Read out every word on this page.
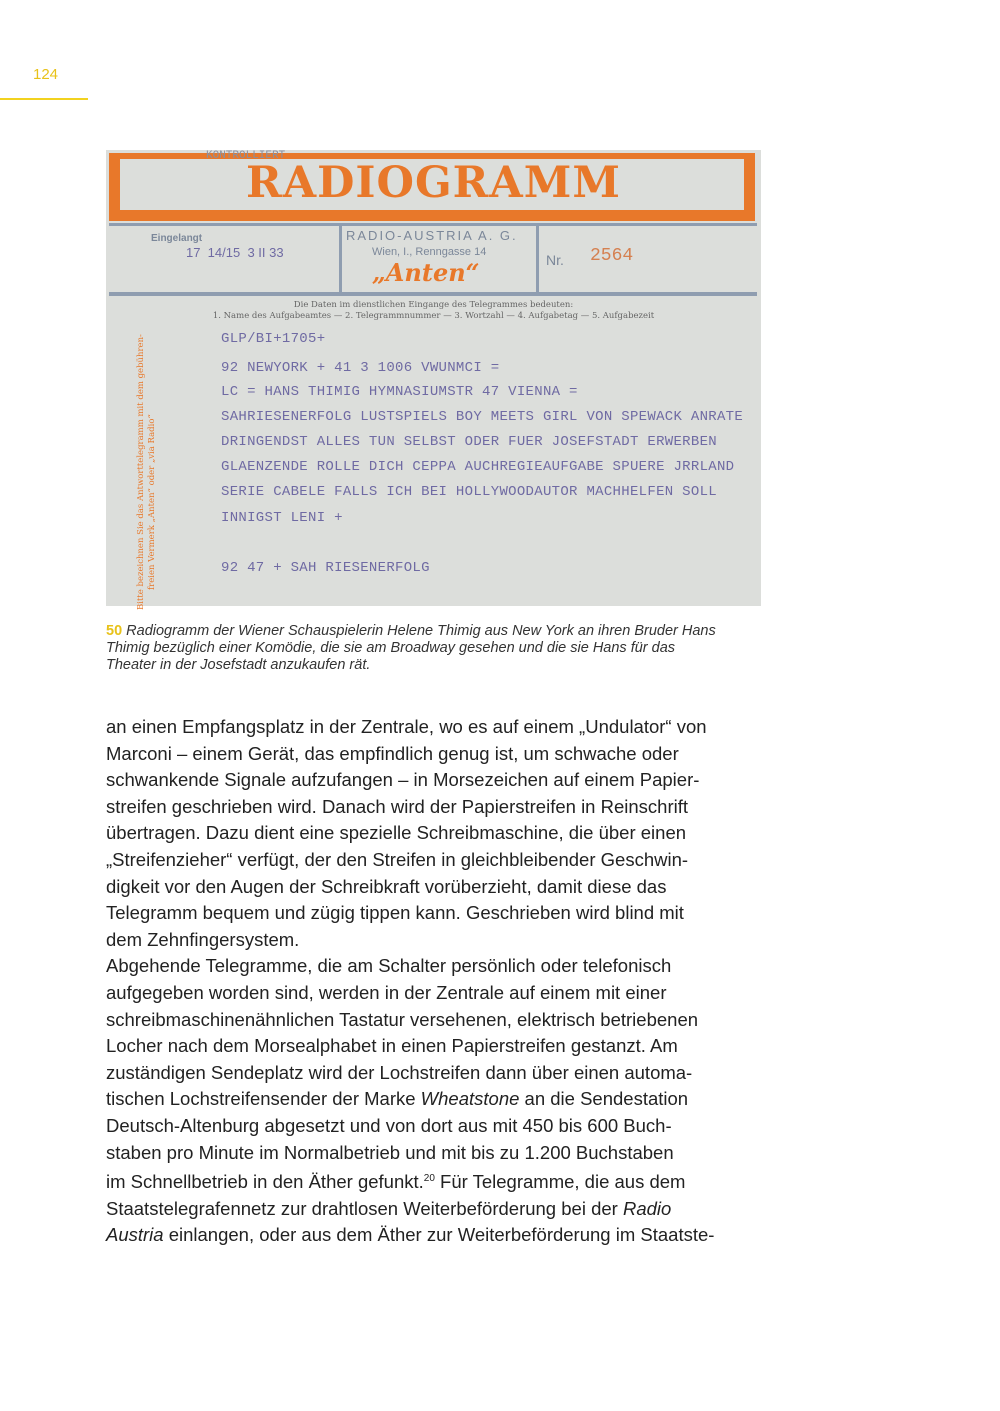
124
KONTROLLIERT
RADIOGRAMM
Eingelangt
17  14/15  3 II 33
RADIO-AUSTRIA A. G.
Wien, I., Renngasse 14
„Anten“	Nr. 2564
Die Daten im dienstlichen Eingange des Telegrammes bedeuten:
1. Name des Aufgabeamtes — 2. Telegrammnummer — 3. Wortzahl — 4. Aufgabetag — 5. Aufgabezeit
Bitte bezeichnen Sie das Antworttelegramm mit dem gebühren- freien Vermerk „Anten“ oder „via Radio“
GLP/BI+1705+
92 NEWYORK + 41 3 1006 VWUNMCI =
LC = HANS THIMIG HYMNASIUMSTR 47 VIENNA =
SAHRIESENERFOLG LUSTSPIELS BOY MEETS GIRL VON SPEWACK ANRATE
DRINGENDST ALLES TUN SELBST ODER FUER JOSEFSTADT ERWERBEN
GLAENZENDE ROLLE DICH CEPPA AUCHREGIEAUFGABE SPUERE JRRLAND
SERIE CABELE FALLS ICH BEI HOLLYWOODAUTOR MACHHELFEN SOLL
INNIGST LENI +
92 47 + SAH RIESENERFOLG
50 Radiogramm der Wiener Schauspielerin Helene Thimig aus New York an ihren Bruder Hans Thimig bezüglich einer Komödie, die sie am Broadway gesehen und die sie Hans für das Theater in der Josefstadt anzukaufen rät.
an einen Empfangsplatz in der Zentrale, wo es auf einem „Undulator“ von
Marconi – einem Gerät, das empfindlich genug ist, um schwache oder
schwankende Signale aufzufangen – in Morsezeichen auf einem Papier-
streifen geschrieben wird. Danach wird der Papierstreifen in Reinschrift
übertragen. Dazu dient eine spezielle Schreibmaschine, die über einen
„Streifenzieher“ verfügt, der den Streifen in gleichbleibender Geschwin-
digkeit vor den Augen der Schreibkraft vorüberzieht, damit diese das
Telegramm bequem und zügig tippen kann. Geschrieben wird blind mit
dem Zehnfingersystem.
Abgehende Telegramme, die am Schalter persönlich oder telefonisch
aufgegeben worden sind, werden in der Zentrale auf einem mit einer
schreibmaschinenähnlichen Tastatur versehenen, elektrisch betriebenen
Locher nach dem Morsealphabet in einen Papierstreifen gestanzt. Am
zuständigen Sendeplatz wird der Lochstreifen dann über einen automa-
tischen Lochstreifensender der Marke Wheatstone an die Sendestation
Deutsch-Altenburg abgesetzt und von dort aus mit 450 bis 600 Buch-
staben pro Minute im Normalbetrieb und mit bis zu 1.200 Buchstaben
im Schnellbetrieb in den Äther gefunkt.$^{20}$ Für Telegramme, die aus dem
Staatstelegrafennetz zur drahtlosen Weiterbeförderung bei der Radio
Austria einlangen, oder aus dem Äther zur Weiterbeförderung im Staatste-
